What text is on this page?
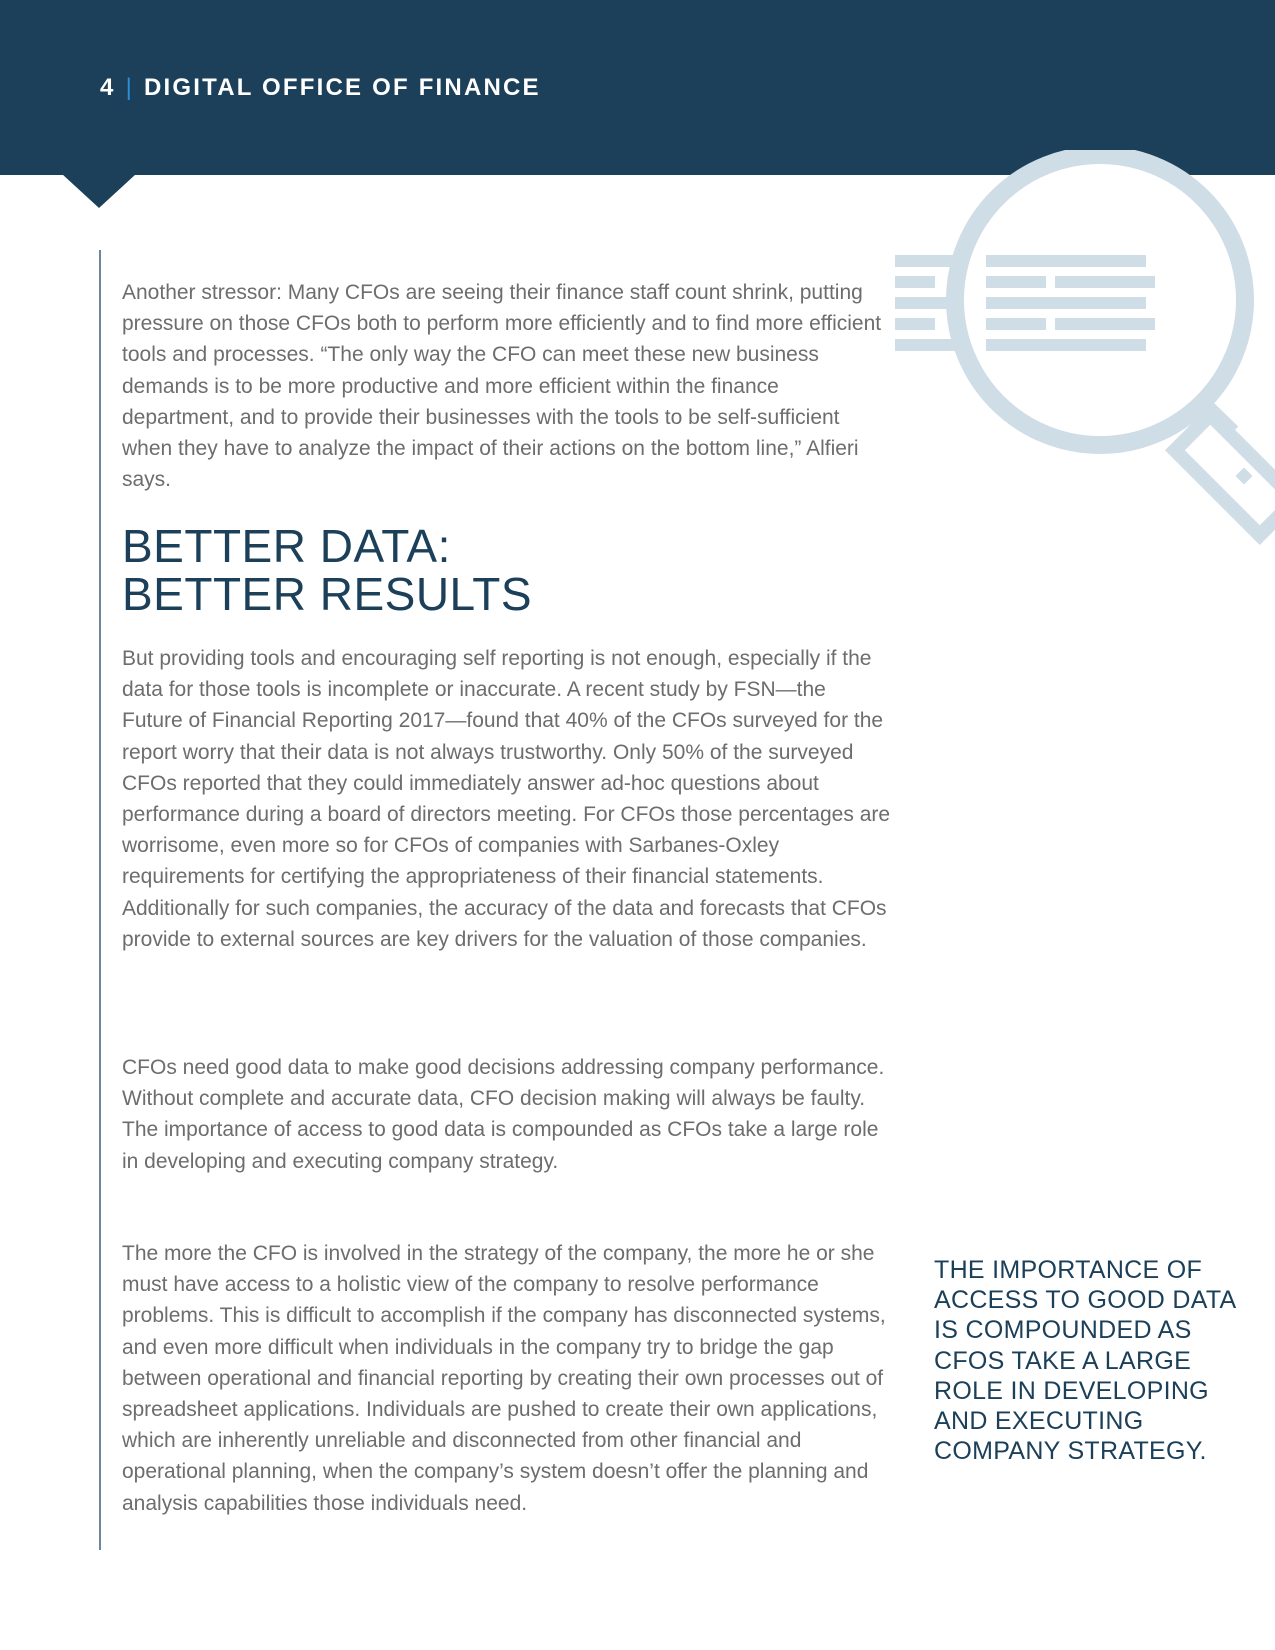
4 | DIGITAL OFFICE OF FINANCE

Another stressor: Many CFOs are seeing their finance staff count shrink, putting pressure on those CFOs both to perform more efficiently and to find more efficient tools and processes. “The only way the CFO can meet these new business demands is to be more productive and more efficient within the finance department, and to provide their businesses with the tools to be self-sufficient when they have to analyze the impact of their actions on the bottom line,” Alfieri says.

BETTER DATA:
BETTER RESULTS

But providing tools and encouraging self reporting is not enough, especially if the data for those tools is incomplete or inaccurate. A recent study by FSN—the Future of Financial Reporting 2017—found that 40% of the CFOs surveyed for the report worry that their data is not always trustworthy. Only 50% of the surveyed CFOs reported that they could immediately answer ad-hoc questions about performance during a board of directors meeting. For CFOs those percentages are worrisome, even more so for CFOs of companies with Sarbanes-Oxley requirements for certifying the appropriateness of their financial statements. Additionally for such companies, the accuracy of the data and forecasts that CFOs provide to external sources are key drivers for the valuation of those companies.

CFOs need good data to make good decisions addressing company performance. Without complete and accurate data, CFO decision making will always be faulty. The importance of access to good data is compounded as CFOs take a large role in developing and executing company strategy.

The more the CFO is involved in the strategy of the company, the more he or she must have access to a holistic view of the company to resolve performance problems. This is difficult to accomplish if the company has disconnected systems, and even more difficult when individuals in the company try to bridge the gap between operational and financial reporting by creating their own processes out of spreadsheet applications. Individuals are pushed to create their own applications, which are inherently unreliable and disconnected from other financial and operational planning, when the company’s system doesn’t offer the planning and analysis capabilities those individuals need.

THE IMPORTANCE OF ACCESS TO GOOD DATA IS COMPOUNDED AS CFOS TAKE A LARGE ROLE IN DEVELOPING AND EXECUTING COMPANY STRATEGY.
